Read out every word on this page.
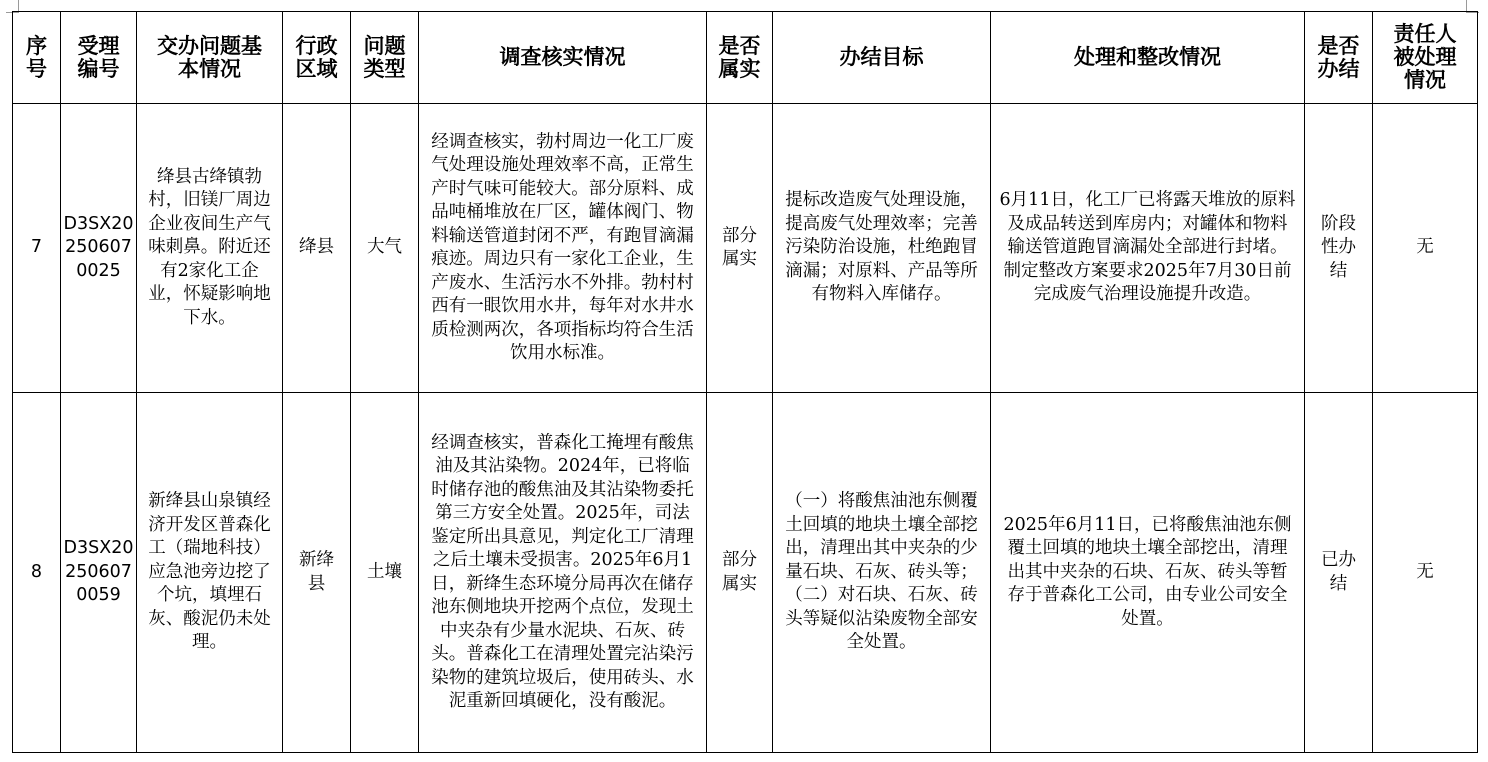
序号	受理编号	交办问题基本情况	行政区域	问题类型	调查核实情况	是否属实	办结目标	处理和整改情况	是否办结	责任人被处理情况
7	D3SX202506070025	绛县古绛镇勃村，旧镁厂周边企业夜间生产气味刺鼻。附近还有2家化工企业，怀疑影响地下水。	绛县	大气	经调查核实，勃村周边一化工厂废气处理设施处理效率不高，正常生产时气味可能较大。部分原料、成品吨桶堆放在厂区，罐体阀门、物料输送管道封闭不严，有跑冒滴漏痕迹。周边只有一家化工企业，生产废水、生活污水不外排。勃村村西有一眼饮用水井，每年对水井水质检测两次，各项指标均符合生活饮用水标准。	部分属实	提标改造废气处理设施，提高废气处理效率；完善污染防治设施，杜绝跑冒滴漏；对原料、产品等所有物料入库储存。	6月11日，化工厂已将露天堆放的原料及成品转送到库房内；对罐体和物料输送管道跑冒滴漏处全部进行封堵。制定整改方案要求2025年7月30日前完成废气治理设施提升改造。	阶段性办结	无
8	D3SX202506070059	新绛县山泉镇经济开发区普森化工（瑞地科技）应急池旁边挖了个坑，填埋石灰、酸泥仍未处理。	新绛县	土壤	经调查核实，普森化工掩埋有酸焦油及其沾染物。2024年，已将临时储存池的酸焦油及其沾染物委托第三方安全处置。2025年，司法鉴定所出具意见，判定化工厂清理之后土壤未受损害。2025年6月1日，新绛生态环境分局再次在储存池东侧地块开挖两个点位，发现土中夹杂有少量水泥块、石灰、砖头。普森化工在清理处置完沾染污染物的建筑垃圾后，使用砖头、水泥重新回填硬化，没有酸泥。	部分属实	（一）将酸焦油池东侧覆土回填的地块土壤全部挖出，清理出其中夹杂的少量石块、石灰、砖头等；（二）对石块、石灰、砖头等疑似沾染废物全部安全处置。	2025年6月11日，已将酸焦油池东侧覆土回填的地块土壤全部挖出，清理出其中夹杂的石块、石灰、砖头等暂存于普森化工公司，由专业公司安全处置。	已办结	无
